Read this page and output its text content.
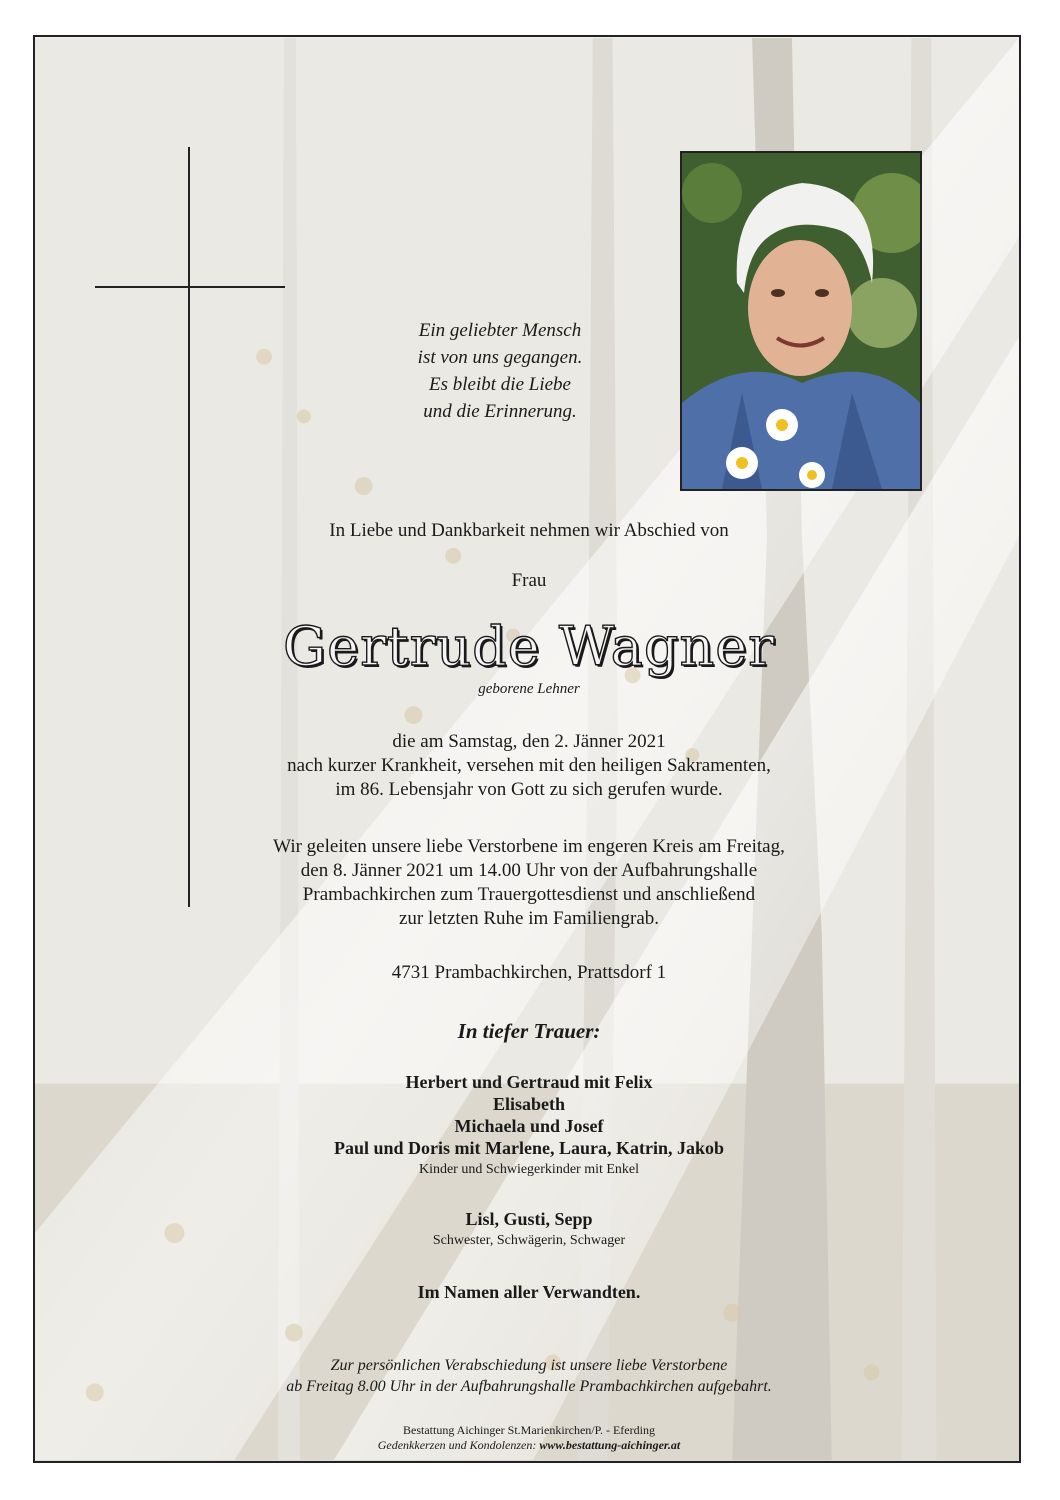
Ein geliebter Mensch
ist von uns gegangen.
Es bleibt die Liebe
und die Erinnerung.
In Liebe und Dankbarkeit nehmen wir Abschied von
Frau
Gertrude Wagner
geborene Lehner
die am Samstag, den 2. Jänner 2021
nach kurzer Krankheit, versehen mit den heiligen Sakramenten,
im 86. Lebensjahr von Gott zu sich gerufen wurde.
Wir geleiten unsere liebe Verstorbene im engeren Kreis am Freitag,
den 8. Jänner 2021 um 14.00 Uhr von der Aufbahrungshalle
Prambachkirchen zum Trauergottesdienst und anschließend
zur letzten Ruhe im Familiengrab.
4731 Prambachkirchen, Prattsdorf 1
In tiefer Trauer:
Herbert und Gertraud mit Felix
Elisabeth
Michaela und Josef
Paul und Doris mit Marlene, Laura, Katrin, Jakob
Kinder und Schwiegerkinder mit Enkel
Lisl, Gusti, Sepp
Schwester, Schwägerin, Schwager
Im Namen aller Verwandten.
Zur persönlichen Verabschiedung ist unsere liebe Verstorbene
ab Freitag 8.00 Uhr in der Aufbahrungshalle Prambachkirchen aufgebahrt.
Bestattung Aichinger St.Marienkirchen/P. - Eferding
Gedenkkerzen und Kondolenzen: www.bestattung-aichinger.at
